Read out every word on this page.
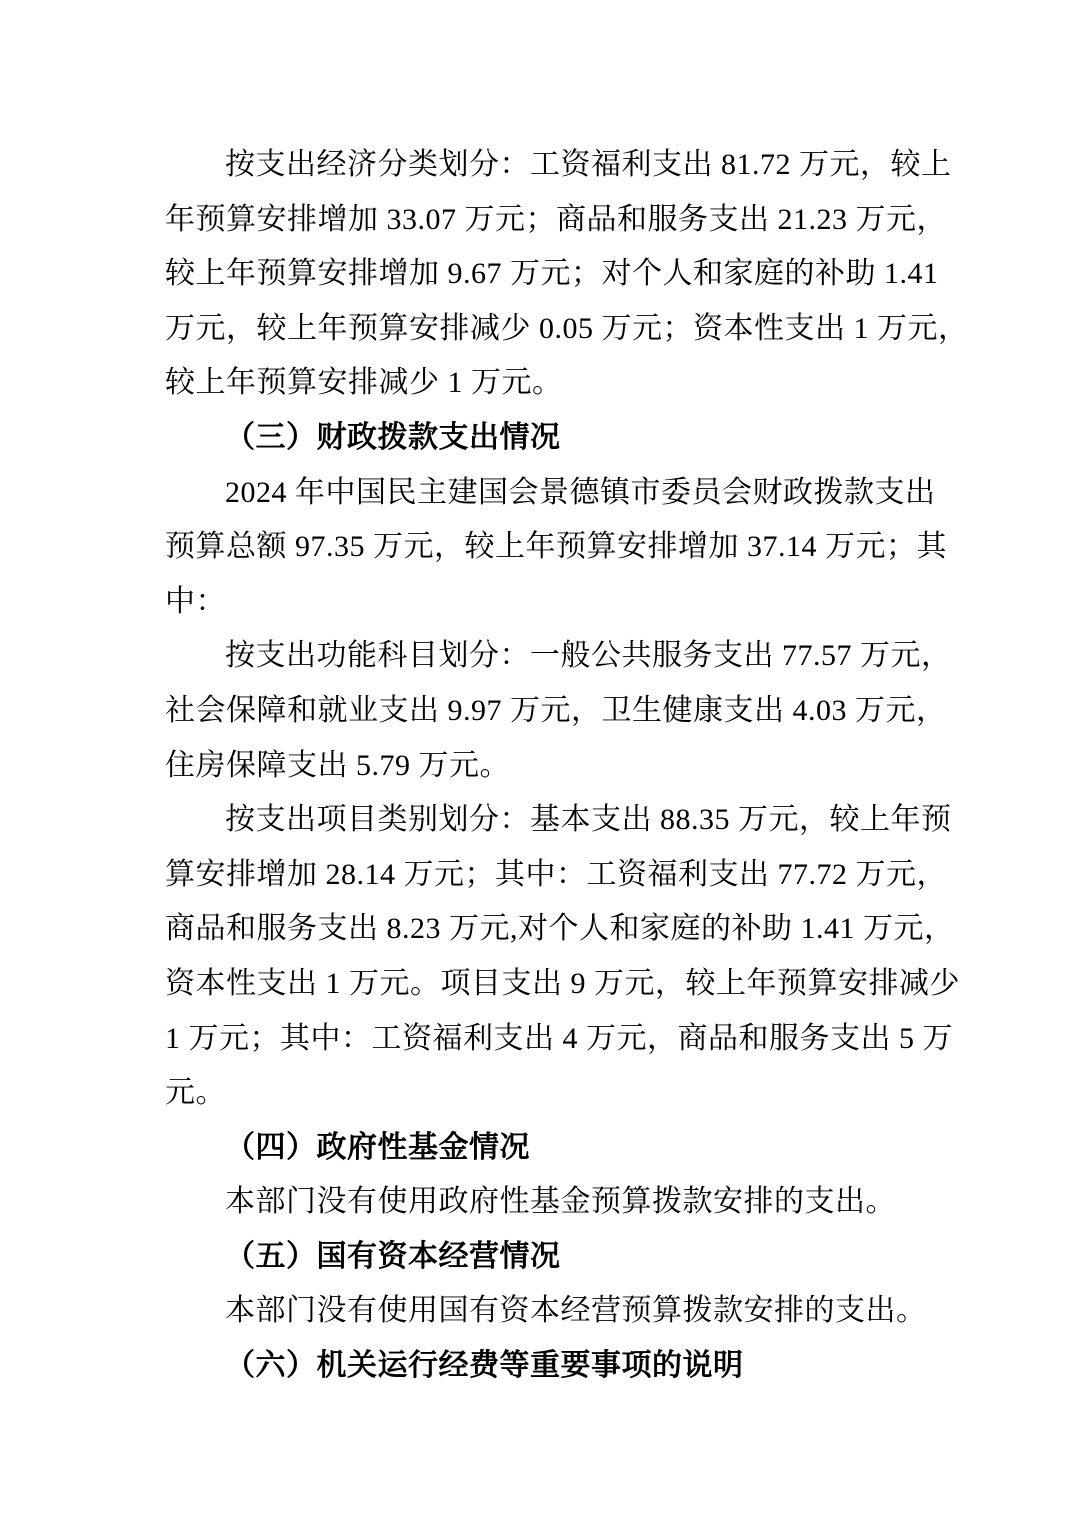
按支出经济分类划分：工资福利支出 81.72 万元，较上
年预算安排增加 33.07 万元；商品和服务支出 21.23 万元，
较上年预算安排增加 9.67 万元；对个人和家庭的补助 1.41
万元，较上年预算安排减少 0.05 万元；资本性支出 1 万元，
较上年预算安排减少 1 万元。
（三）财政拨款支出情况
2024 年中国民主建国会景德镇市委员会财政拨款支出
预算总额 97.35 万元，较上年预算安排增加 37.14 万元；其
中：
按支出功能科目划分：一般公共服务支出 77.57 万元，
社会保障和就业支出 9.97 万元，卫生健康支出 4.03 万元，
住房保障支出 5.79 万元。
按支出项目类别划分：基本支出 88.35 万元，较上年预
算安排增加 28.14 万元；其中：工资福利支出 77.72 万元，
商品和服务支出 8.23 万元,对个人和家庭的补助 1.41 万元，
资本性支出 1 万元。项目支出 9 万元，较上年预算安排减少
1 万元；其中：工资福利支出 4 万元，商品和服务支出 5 万
元。
（四）政府性基金情况
本部门没有使用政府性基金预算拨款安排的支出。
（五）国有资本经营情况
本部门没有使用国有资本经营预算拨款安排的支出。
（六）机关运行经费等重要事项的说明
